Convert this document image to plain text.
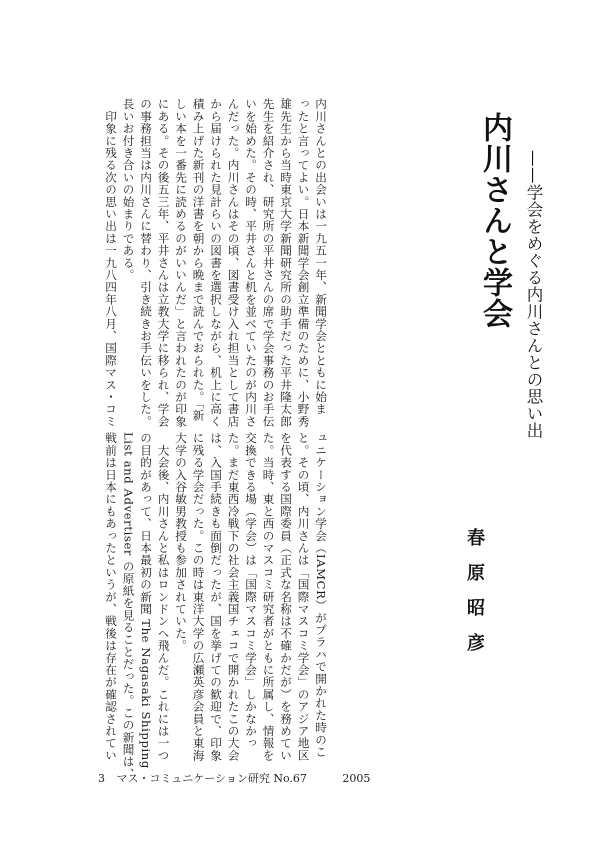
内川さんと学会 ——学会をめぐる内川さんとの思い出
春原昭彦
内川さんとの出会いは一九五一年、新聞学会とともに始ま
ったと言ってよい。日本新聞学会創立準備のために、小野秀
雄先生から当時東京大学新聞研究所の助手だった平井隆太郎
先生を紹介され、研究所の平井さんの席で学会事務のお手伝
いを始めた。その時、平井さんと机を並べていたのが内川さ
んだった。内川さんはその頃、図書受け入れ担当として書店
から届けられた見計らいの図書を選択しながら、机上に高く
積み上げた新刊の洋書を朝から晩まで読んでおられた。「新
しい本を一番先に読めるのがいいんだ」と言われたのが印象
にある。その後五三年、平井さんは立教大学に移られ、学会
の事務担当は内川さんに替わり、引き続きお手伝いをした。
長いお付き合いの始まりである。
　印象に残る次の思い出は一九八四年八月、国際マス・コミ
ュニケーション学会（IAMCR）がプラハで開かれた時のこ
と。その頃、内川さんは「国際マスコミ学会」のアジア地区
を代表する国際委員（正式な名称は不確かだが）を務めてい
た。当時、東と西のマスコミ研究者がともに所属し、情報を
交換できる場（学会）は「国際マスコミ学会」しかなかっ
た。まだ東西冷戦下の社会主義国チェコで開かれたこの大会
は、入国手続きも面倒だったが、国を挙げての歓迎で、印象
に残る学会だった。この時は東洋大学の広瀬英彦会員と東海
大学の入谷敏男教授も参加されていた。
　大会後、内川さんと私はロンドンへ飛んだ。これには一つ
の目的があって、日本最初の新聞 The Nagasaki Shipping
List and Advertiser の原紙を見ることだった。この新聞は、
戦前は日本にもあったというが、戦後は存在が確認されてい
3 マス・コミュニケーション研究 No.67	2005
